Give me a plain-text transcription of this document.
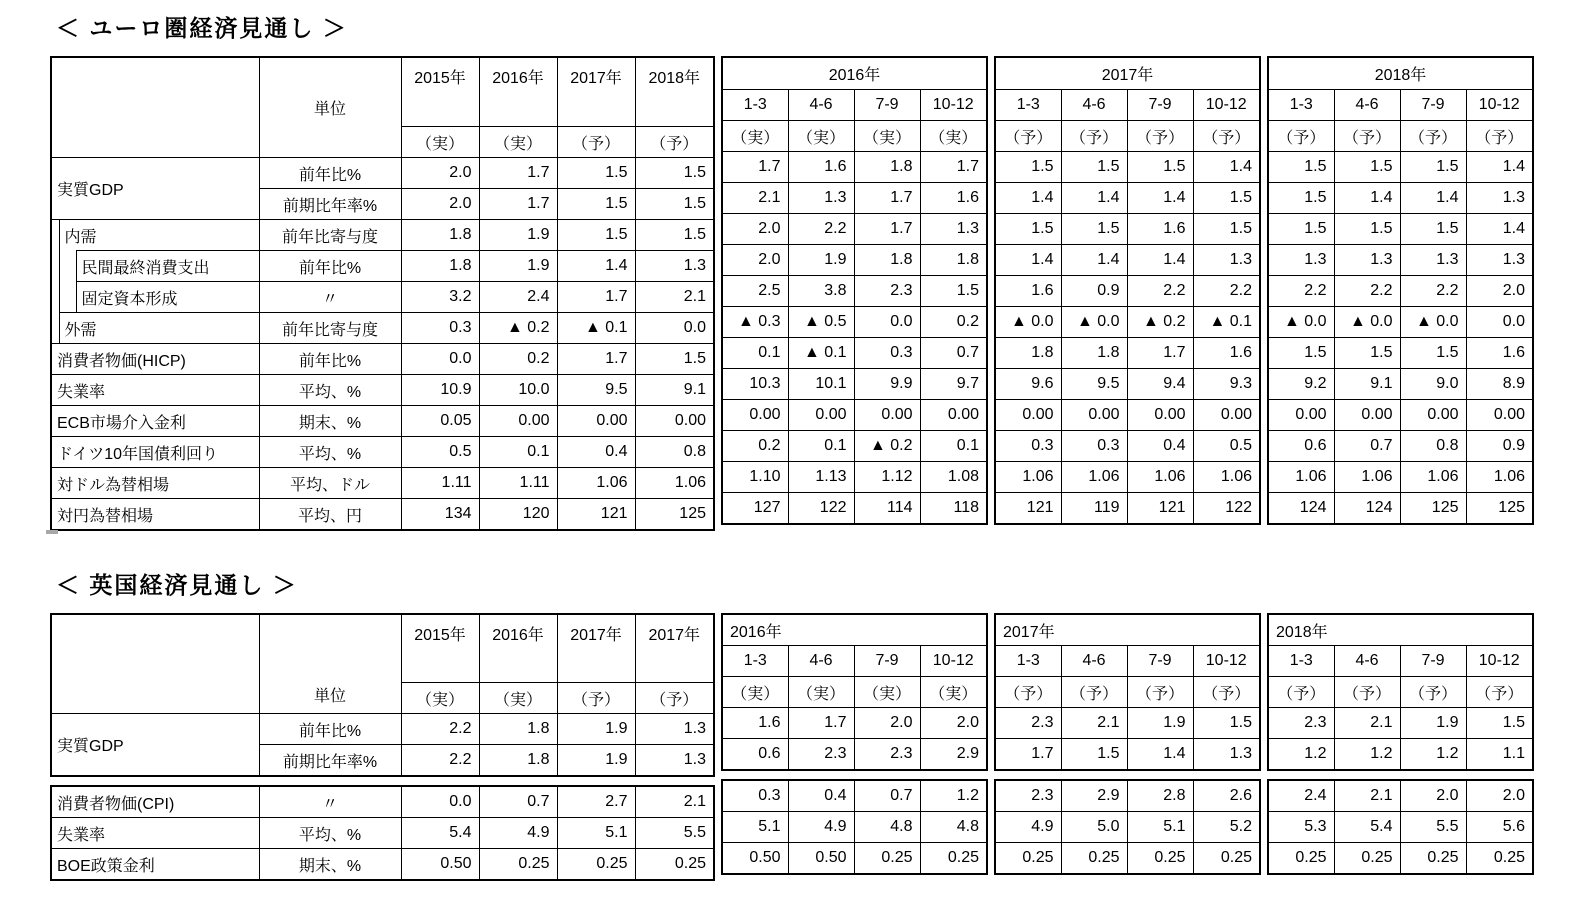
＜ ユーロ圏経済見通し ＞
			単位	2015年	2016年	2017年	2018年
				（実）	（実）	（予）	（予）
実質GDP			前年比%	2.0	1.7	1.5	1.5
			前期比年率%	2.0	1.7	1.5	1.5
	内需		前年比寄与度	1.8	1.9	1.5	1.5
		民間最終消費支出	前年比%	1.8	1.9	1.4	1.3
		固定資本形成	〃	3.2	2.4	1.7	2.1
	外需		前年比寄与度	0.3	▲ 0.2	▲ 0.1	0.0
消費者物価(HICP)			前年比%	0.0	0.2	1.7	1.5
失業率			平均、%	10.9	10.0	9.5	9.1
ECB市場介入金利			期末、%	0.05	0.00	0.00	0.00
ドイツ10年国債利回り			平均、%	0.5	0.1	0.4	0.8
対ドル為替相場			平均、ドル	1.11	1.11	1.06	1.06
対円為替相場			平均、円	134	120	121	125
2016年			
1-3	4-6	7-9	10-12
（実）	（実）	（実）	（実）
1.7	1.6	1.8	1.7
2.1	1.3	1.7	1.6
2.0	2.2	1.7	1.3
2.0	1.9	1.8	1.8
2.5	3.8	2.3	1.5
▲ 0.3	▲ 0.5	0.0	0.2
0.1	▲ 0.1	0.3	0.7
10.3	10.1	9.9	9.7
0.00	0.00	0.00	0.00
0.2	0.1	▲ 0.2	0.1
1.10	1.13	1.12	1.08
127	122	114	118
2017年			
1-3	4-6	7-9	10-12
（予）	（予）	（予）	（予）
1.5	1.5	1.5	1.4
1.4	1.4	1.4	1.5
1.5	1.5	1.6	1.5
1.4	1.4	1.4	1.3
1.6	0.9	2.2	2.2
▲ 0.0	▲ 0.0	▲ 0.2	▲ 0.1
1.8	1.8	1.7	1.6
9.6	9.5	9.4	9.3
0.00	0.00	0.00	0.00
0.3	0.3	0.4	0.5
1.06	1.06	1.06	1.06
121	119	121	122
2018年			
1-3	4-6	7-9	10-12
（予）	（予）	（予）	（予）
1.5	1.5	1.5	1.4
1.5	1.4	1.4	1.3
1.5	1.5	1.5	1.4
1.3	1.3	1.3	1.3
2.2	2.2	2.2	2.0
▲ 0.0	▲ 0.0	▲ 0.0	0.0
1.5	1.5	1.5	1.6
9.2	9.1	9.0	8.9
0.00	0.00	0.00	0.00
0.6	0.7	0.8	0.9
1.06	1.06	1.06	1.06
124	124	125	125
＜ 英国経済見通し ＞
	単位	2015年	2016年	2017年	2017年
		（実）	（実）	（予）	（予）
実質GDP	前年比%	2.2	1.8	1.9	1.3
	前期比年率%	2.2	1.8	1.9	1.3
消費者物価(CPI)	〃	0.0	0.7	2.7	2.1
失業率	平均、%	5.4	4.9	5.1	5.5
BOE政策金利	期末、%	0.50	0.25	0.25	0.25
2016年			
1-3	4-6	7-9	10-12
（実）	（実）	（実）	（実）
1.6	1.7	2.0	2.0
0.6	2.3	2.3	2.9
0.3	0.4	0.7	1.2
5.1	4.9	4.8	4.8
0.50	0.50	0.25	0.25
2017年			
1-3	4-6	7-9	10-12
（予）	（予）	（予）	（予）
2.3	2.1	1.9	1.5
1.7	1.5	1.4	1.3
2.3	2.9	2.8	2.6
4.9	5.0	5.1	5.2
0.25	0.25	0.25	0.25
2018年			
1-3	4-6	7-9	10-12
（予）	（予）	（予）	（予）
2.3	2.1	1.9	1.5
1.2	1.2	1.2	1.1
2.4	2.1	2.0	2.0
5.3	5.4	5.5	5.6
0.25	0.25	0.25	0.25
